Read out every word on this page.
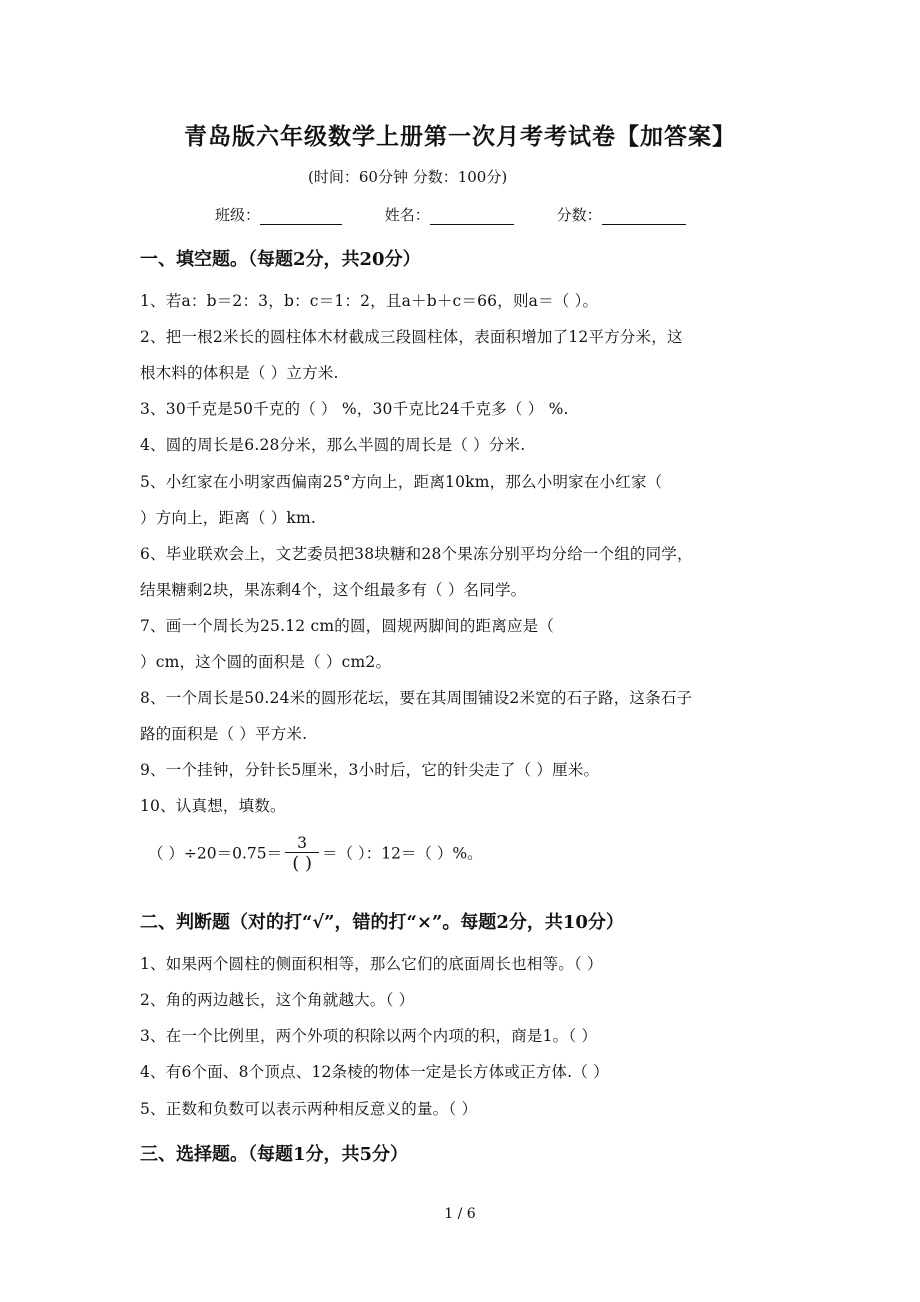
青岛版六年级数学上册第一次月考考试卷【加答案】
(时间：60分钟 分数：100分)
班级：	姓名：	分数：
一、填空题。（每题2分，共20分）
1、若a：b＝2：3，b：c＝1：2，且a＋b＋c＝66，则a＝（ ）。
2、把一根2米长的圆柱体木材截成三段圆柱体，表面积增加了12平方分米，这
根木料的体积是（ ）立方米.
3、30千克是50千克的（ ） %，30千克比24千克多（ ） %.
4、圆的周长是6.28分米，那么半圆的周长是（ ）分米.
5、小红家在小明家西偏南25°方向上，距离10km，那么小明家在小红家（
）方向上，距离（ ）km.
6、毕业联欢会上，文艺委员把38块糖和28个果冻分别平均分给一个组的同学，
结果糖剩2块，果冻剩4个，这个组最多有（ ）名同学。
7、画一个周长为25.12 cm的圆，圆规两脚间的距离应是（
）cm，这个圆的面积是（ ）cm2。
8、一个周长是50.24米的圆形花坛，要在其周围铺设2米宽的石子路，这条石子
路的面积是（ ）平方米.
9、一个挂钟，分针长5厘米，3小时后，它的针尖走了（ ）厘米。
10、认真想，填数。
（ ）$\div 20=0.75= \frac{3}{( )}$ ＝（ ）：12＝（ ）%。
二、判断题（对的打“√”，错的打“×”。每题2分，共10分）
1、如果两个圆柱的侧面积相等，那么它们的底面周长也相等。（ ）
2、角的两边越长，这个角就越大。（ ）
3、在一个比例里，两个外项的积除以两个内项的积，商是1。（ ）
4、有6个面、8个顶点、12条棱的物体一定是长方体或正方体.（ ）
5、正数和负数可以表示两种相反意义的量。（ ）
三、选择题。（每题1分，共5分）
1 / 6
